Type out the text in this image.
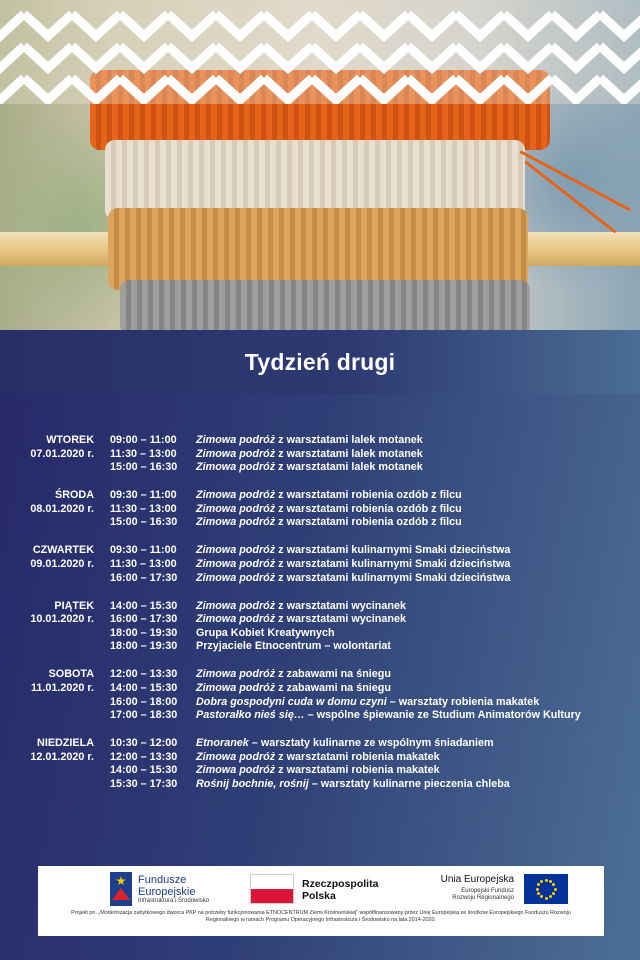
Tydzień drugi
WTOREK
07.01.2020 r.
09:00 – 11:00	Zimowa podróż z warsztatami lalek motanek
11:30 – 13:00	Zimowa podróż z warsztatami lalek motanek
15:00 – 16:30	Zimowa podróż z warsztatami lalek motanek
ŚRODA
08.01.2020 r.
09:30 – 11:00	Zimowa podróż z warsztatami robienia ozdób z filcu
11:30 – 13:00	Zimowa podróż z warsztatami robienia ozdób z filcu
15:00 – 16:30	Zimowa podróż z warsztatami robienia ozdób z filcu
CZWARTEK
09.01.2020 r.
09:30 – 11:00	Zimowa podróż z warsztatami kulinarnymi Smaki dzieciństwa
11:30 – 13:00	Zimowa podróż z warsztatami kulinarnymi Smaki dzieciństwa
16:00 – 17:30	Zimowa podróż z warsztatami kulinarnymi Smaki dzieciństwa
PIĄTEK
10.01.2020 r.
14:00 – 15:30	Zimowa podróż z warsztatami wycinanek
16:00 – 17:30	Zimowa podróż z warsztatami wycinanek
18:00 – 19:30	Grupa Kobiet Kreatywnych
18:00 – 19:30	Przyjaciele Etnocentrum – wolontariat
SOBOTA
11.01.2020 r.
12:00 – 13:30	Zimowa podróż z zabawami na śniegu
14:00 – 15:30	Zimowa podróż z zabawami na śniegu
16:00 – 18:00	Dobra gospodyni cuda w domu czyni – warsztaty robienia makatek
17:00 – 18:30	Pastorałko nieś się… – wspólne śpiewanie ze Studium Animatorów Kultury
NIEDZIELA
12.01.2020 r.
10:30 – 12:00	Etnoranek – warsztaty kulinarne ze wspólnym śniadaniem
12:00 – 13:30	Zimowa podróż z warsztatami robienia makatek
14:00 – 15:30	Zimowa podróż z warsztatami robienia makatek
15:30 – 17:30	Rośnij bochnie, rośnij – warsztaty kulinarne pieczenia chleba
Fundusze
Europejskie
Infrastruktura i Środowisko
Rzeczpospolita
Polska
Unia Europejska
Europejski Fundusz
Rozwoju Regionalnego
Projekt pn. „Modernizacja zabytkowego dworca PKP na potrzeby funkcjonowania ETNOCENTRUM Ziemi Krośnieńskiej” współfinansowany przez Unię Europejską ze środków Europejskiego Funduszu Rozwoju Regionalnego w ramach Programu Operacyjnego Infrastruktura i Środowisko na lata 2014-2020.
